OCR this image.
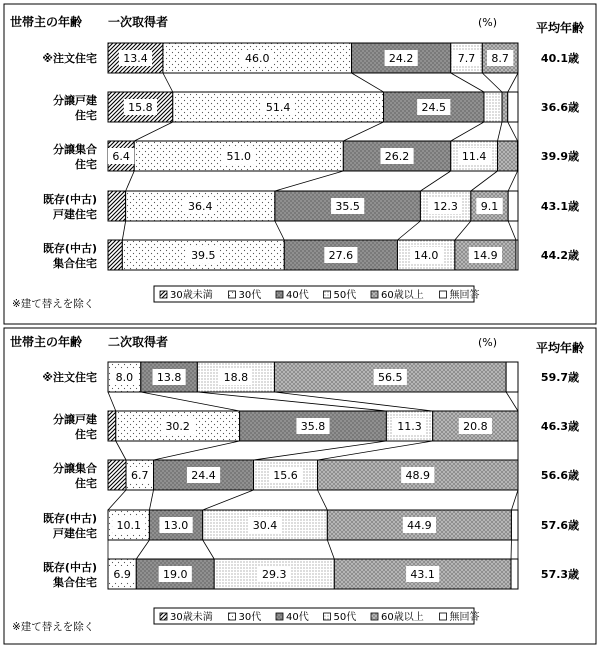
世帯主の年齢 一次取得者	(%)	平均年齢
※注文住宅 13.4	46.0	24.2	7.7 8.7	40.1歳
分譲戸建
住宅
15.8	51.4	24.5	36.6歳
分譲集合
住宅
6.4	51.0	26.2	11.4	39.9歳
既存(中古)
戸建住宅
36.4	35.5	12.3 9.1	43.1歳
既存(中古)
集合住宅
39.5	27.6	14.0	14.9	44.2歳
※建て替えを除く
30歳未満	30代 40代 50代 60歳以上	無回答
世帯主の年齢 二次取得者	(%)	平均年齢
※注文住宅 8.0 13.8	18.8	56.5	59.7歳
分譲戸建
住宅
30.2	35.8	11.3	20.8	46.3歳
分譲集合
住宅
6.7	24.4	15.6	48.9	56.6歳
既存(中古)
戸建住宅
10.1 13.0	30.4	44.9	57.6歳
既存(中古)
集合住宅
6.9	19.0	29.3	43.1	57.3歳
※建て替えを除く
30歳未満	30代 40代 50代 60歳以上	無回答
